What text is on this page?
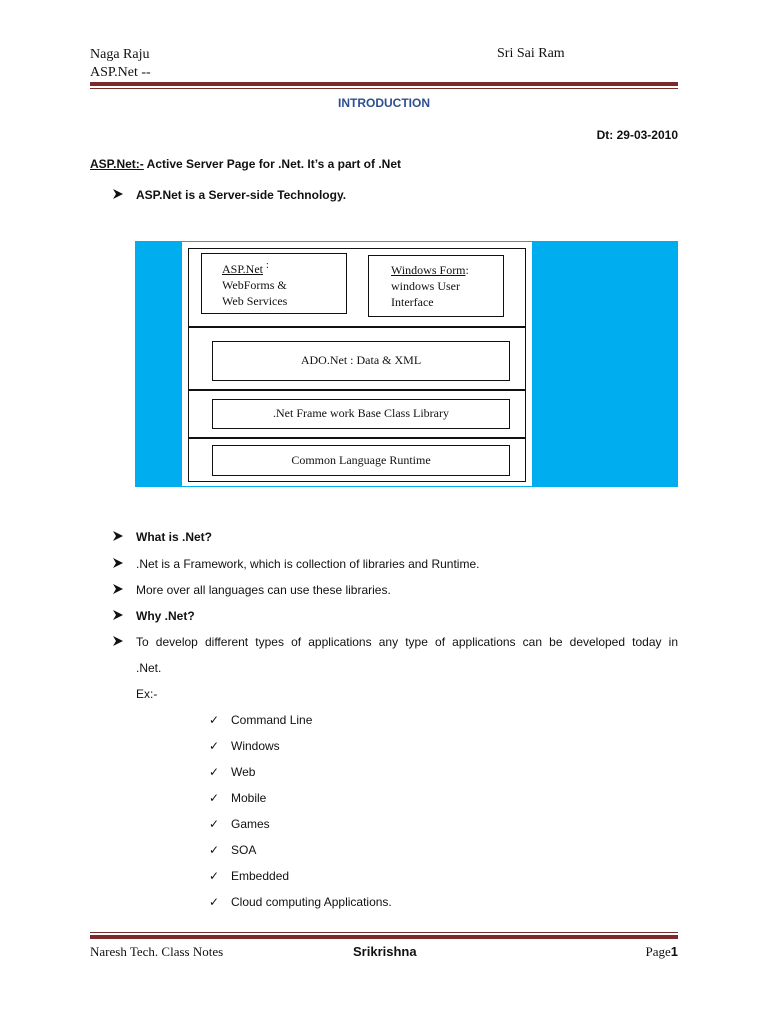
Naga Raju
ASP.Net --
Sri Sai Ram
INTRODUCTION
Dt: 29-03-2010
ASP.Net:- Active Server Page for .Net. It’s a part of .Net
ASP.Net is a Server-side Technology.
ASP.Net :
WebForms &
Web Services
Windows Form:
windows User
Interface
ADO.Net : Data & XML
.Net Frame work Base Class Library
Common Language Runtime
What is .Net?
.Net is a Framework, which is collection of libraries and Runtime.
More over all languages can use these libraries.
Why .Net?
To develop different types of applications any type of applications can be developed today in
.Net.
Ex:-
✓ Command Line
✓ Windows
✓ Web
✓ Mobile
✓ Games
✓ SOA
✓ Embedded
✓ Cloud computing Applications.
Naresh Tech. Class Notes	Srikrishna	Page1
